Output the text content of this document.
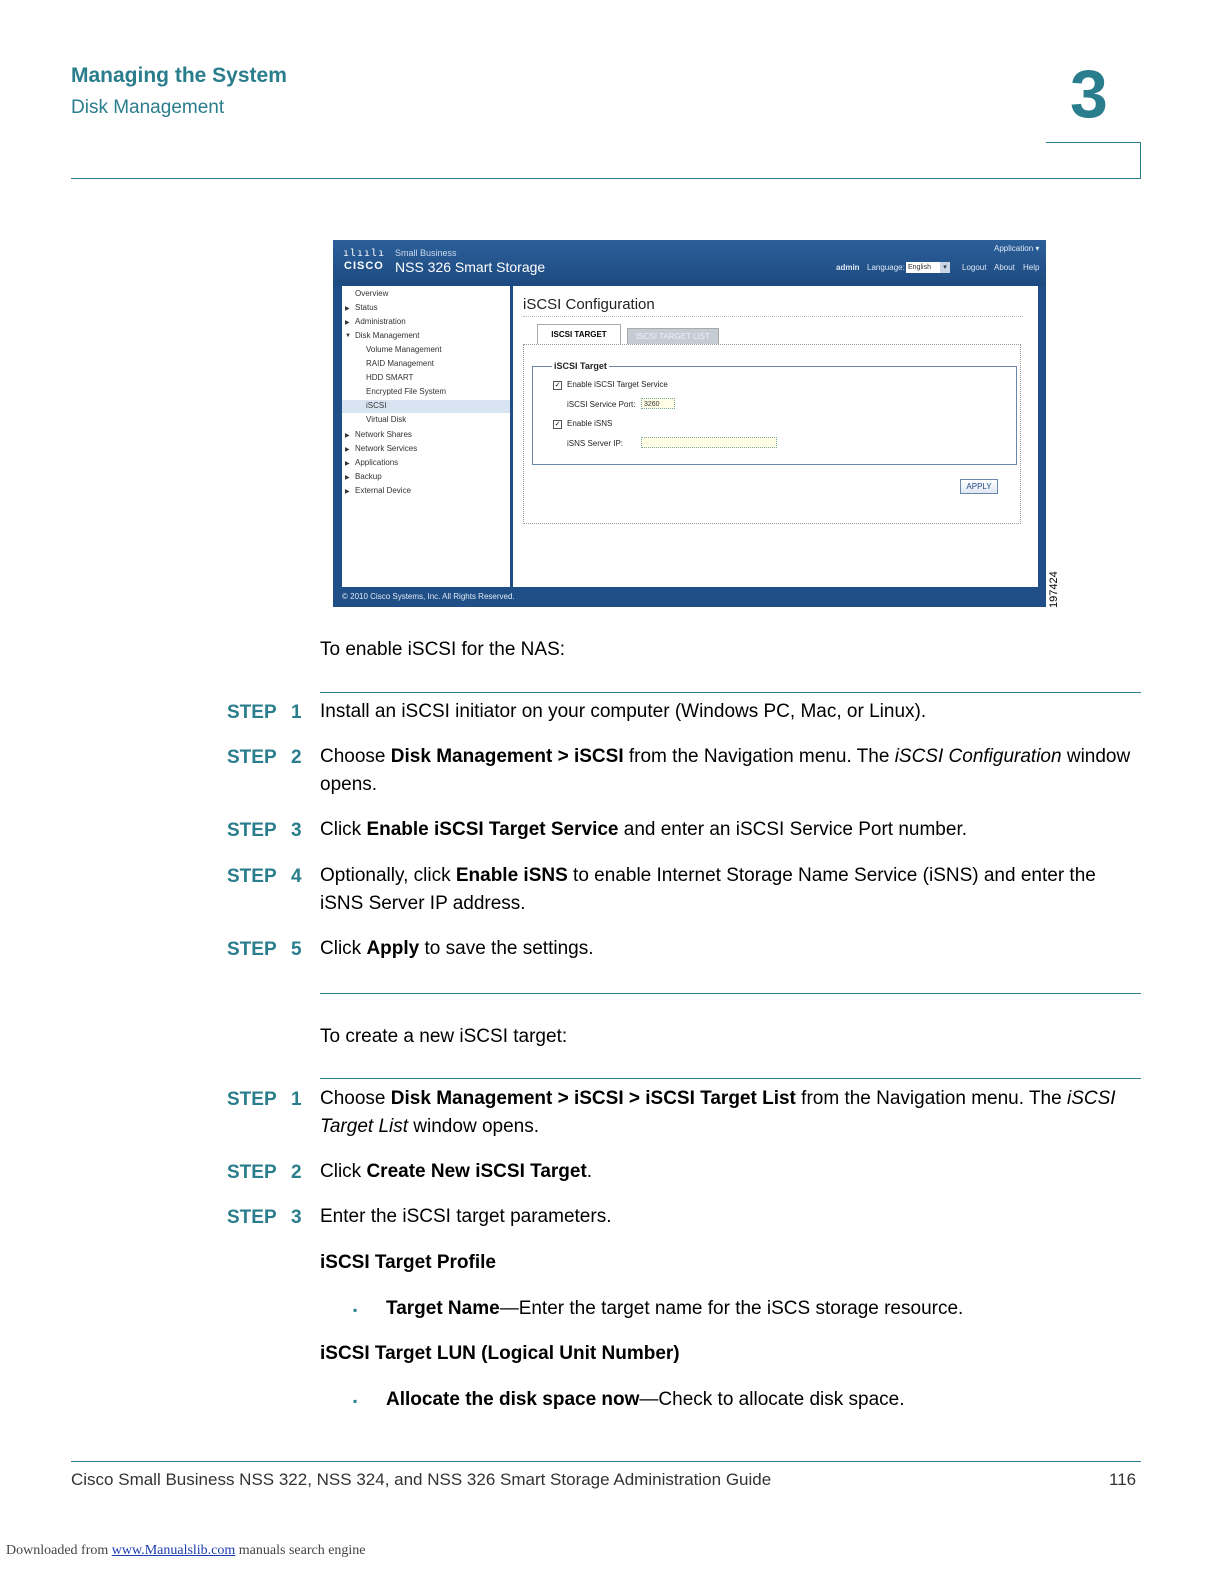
Managing the System
Disk Management	3
ılıılı
CISCO
Small Business
NSS 326 Smart Storage
Application ▾
admin Language: English	▾	Logout About Help
Overview
▶ Status
▶ Administration
▼ Disk Management
Volume Management
RAID Management
HDD SMART
Encrypted File System
iSCSI
Virtual Disk
▶ Network Shares
▶ Network Services
▶ Applications
▶ Backup
▶ External Device
iSCSI Configuration
ISCSI TARGET	ISCSI TARGET LIST
✓ Enable iSCSI Target Service
iSCSI Service Port:	3260
✓ Enable iSNS
iSNS Server IP:
iSCSI Target
APPLY
© 2010 Cisco Systems, Inc. All Rights Reserved.	197424
To enable iSCSI for the NAS:
STEP 1 Install an iSCSI initiator on your computer (Windows PC, Mac, or Linux).
STEP 2 Choose Disk Management > iSCSI from the Navigation menu. The iSCSI Configuration window opens.
STEP 3 Click Enable iSCSI Target Service and enter an iSCSI Service Port number.
STEP 4 Optionally, click Enable iSNS to enable Internet Storage Name Service (iSNS) and enter the iSNS Server IP address.
STEP 5 Click Apply to save the settings.
To create a new iSCSI target:
STEP 1 Choose Disk Management > iSCSI > iSCSI Target List from the Navigation menu. The iSCSI Target List window opens.
STEP 2 Click Create New iSCSI Target.
STEP 3 Enter the iSCSI target parameters.
iSCSI Target Profile
▪ Target Name—Enter the target name for the iSCS storage resource.
iSCSI Target LUN (Logical Unit Number)
▪ Allocate the disk space now—Check to allocate disk space.
Cisco Small Business NSS 322, NSS 324, and NSS 326 Smart Storage Administration Guide	116
Downloaded from www.Manualslib.com manuals search engine
